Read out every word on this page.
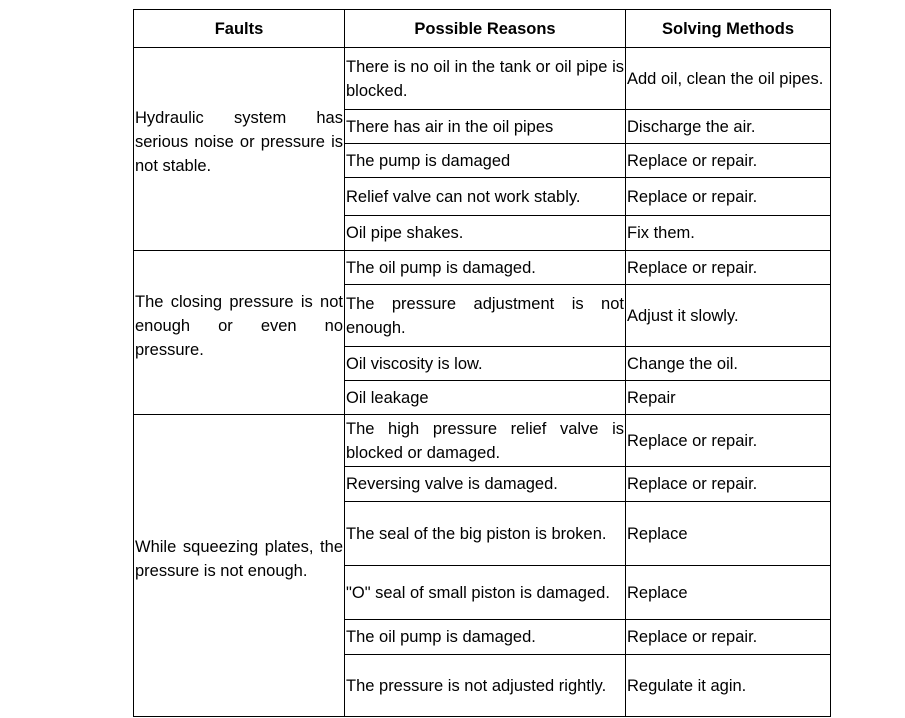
Faults	Possible Reasons	Solving Methods

Hydraulic system has serious noise or pressure is not stable.	There is no oil in the tank or oil pipe is blocked.	Add oil, clean the oil pipes.
	There has air in the oil pipes	Discharge the air.
	The pump is damaged	Replace or repair.
	Relief valve can not work stably.	Replace or repair.
	Oil pipe shakes.	Fix them.

The closing pressure is not enough or even no pressure.	The oil pump is damaged.	Replace or repair.
	The pressure adjustment is not enough.	Adjust it slowly.
	Oil viscosity is low.	Change the oil.
	Oil leakage	Repair

While squeezing plates, the pressure is not enough.	The high pressure relief valve is blocked or damaged.	Replace or repair.
	Reversing valve is damaged.	Replace or repair.
	The seal of the big piston is broken.	Replace
	"O" seal of small piston is damaged.	Replace
	The oil pump is damaged.	Replace or repair.
	The pressure is not adjusted rightly.	Regulate it agin.
